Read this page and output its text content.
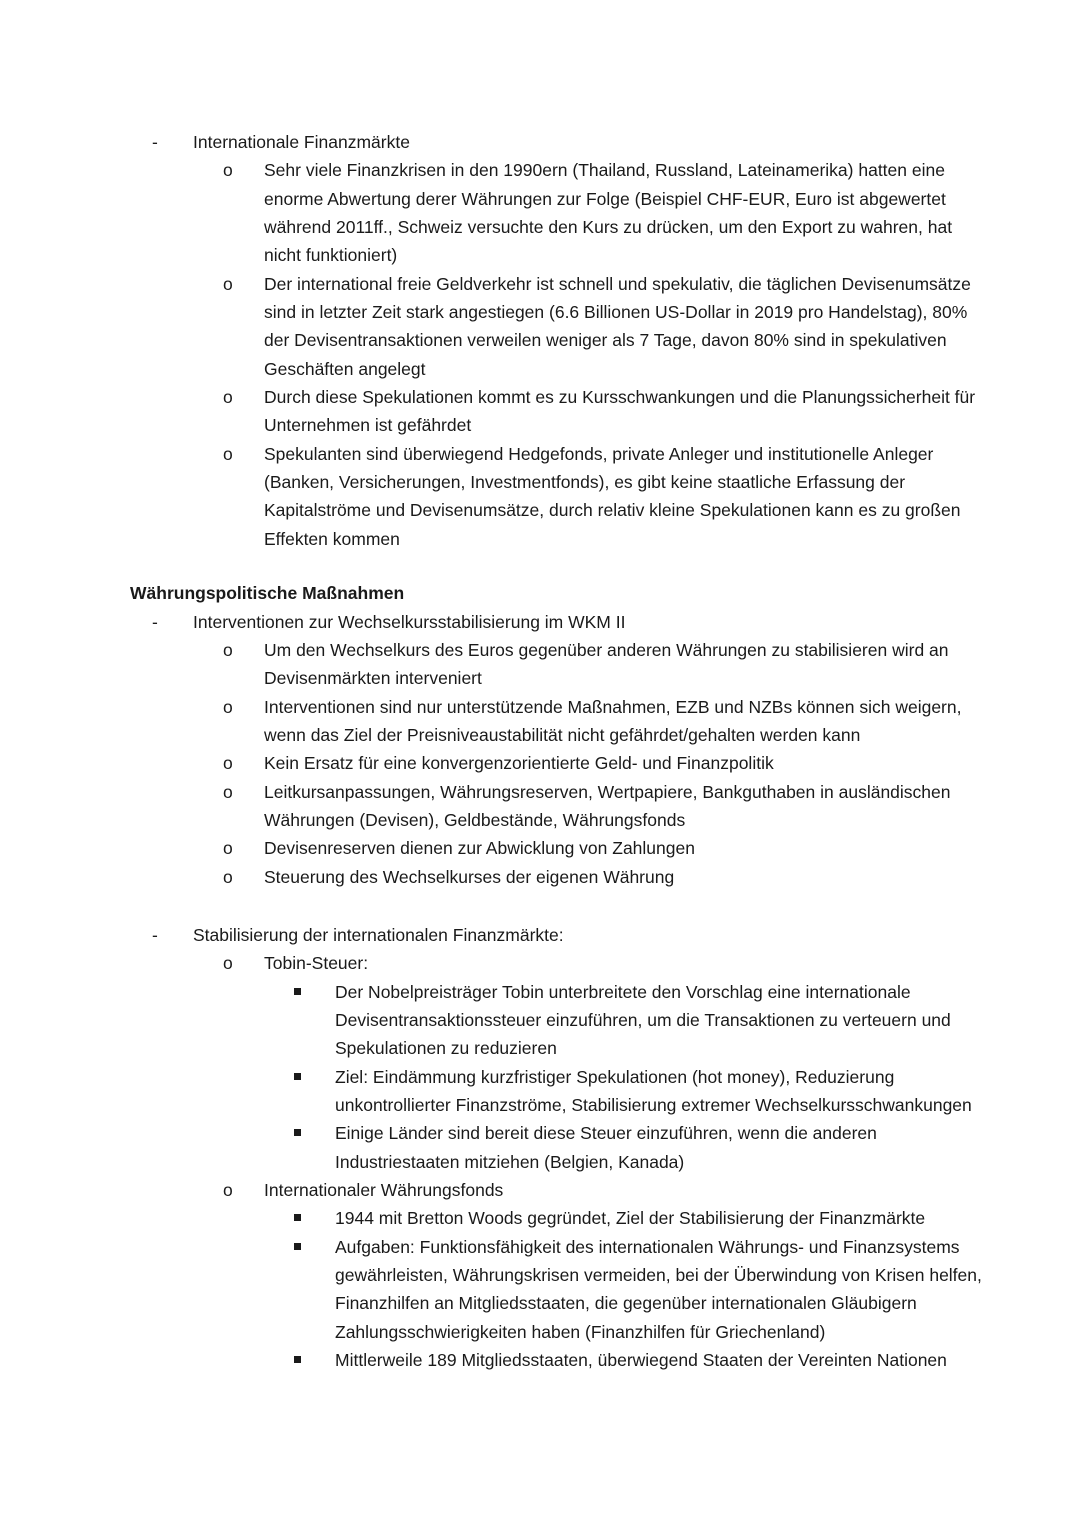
-	Internationale Finanzmärkte
o	Sehr viele Finanzkrisen in den 1990ern (Thailand, Russland, Lateinamerika) hatten eine enorme Abwertung derer Währungen zur Folge (Beispiel CHF-EUR, Euro ist abgewertet während 2011ff., Schweiz versuchte den Kurs zu drücken, um den Export zu wahren, hat nicht funktioniert)
o	Der international freie Geldverkehr ist schnell und spekulativ, die täglichen Devisenumsätze sind in letzter Zeit stark angestiegen (6.6 Billionen US-Dollar in 2019 pro Handelstag), 80% der Devisentransaktionen verweilen weniger als 7 Tage, davon 80% sind in spekulativen Geschäften angelegt
o	Durch diese Spekulationen kommt es zu Kursschwankungen und die Planungssicherheit für Unternehmen ist gefährdet
o	Spekulanten sind überwiegend Hedgefonds, private Anleger und institutionelle Anleger (Banken, Versicherungen, Investmentfonds), es gibt keine staatliche Erfassung der Kapitalströme und Devisenumsätze, durch relativ kleine Spekulationen kann es zu großen Effekten kommen
Währungspolitische Maßnahmen
-	Interventionen zur Wechselkursstabilisierung im WKM II
o	Um den Wechselkurs des Euros gegenüber anderen Währungen zu stabilisieren wird an Devisenmärkten interveniert
o	Interventionen sind nur unterstützende Maßnahmen, EZB und NZBs können sich weigern, wenn das Ziel der Preisniveaustabilität nicht gefährdet/gehalten werden kann
o	Kein Ersatz für eine konvergenzorientierte Geld- und Finanzpolitik
o	Leitkursanpassungen, Währungsreserven, Wertpapiere, Bankguthaben in ausländischen Währungen (Devisen), Geldbestände, Währungsfonds
o	Devisenreserven dienen zur Abwicklung von Zahlungen
o	Steuerung des Wechselkurses der eigenen Währung
-	Stabilisierung der internationalen Finanzmärkte:
o	Tobin-Steuer:
Der Nobelpreisträger Tobin unterbreitete den Vorschlag eine internationale Devisentransaktionssteuer einzuführen, um die Transaktionen zu verteuern und Spekulationen zu reduzieren
Ziel: Eindämmung kurzfristiger Spekulationen (hot money), Reduzierung unkontrollierter Finanzströme, Stabilisierung extremer Wechselkursschwankungen
Einige Länder sind bereit diese Steuer einzuführen, wenn die anderen Industriestaaten mitziehen (Belgien, Kanada)
o	Internationaler Währungsfonds
1944 mit Bretton Woods gegründet, Ziel der Stabilisierung der Finanzmärkte
Aufgaben: Funktionsfähigkeit des internationalen Währungs- und Finanzsystems gewährleisten, Währungskrisen vermeiden, bei der Überwindung von Krisen helfen, Finanzhilfen an Mitgliedsstaaten, die gegenüber internationalen Gläubigern Zahlungsschwierigkeiten haben (Finanzhilfen für Griechenland)
Mittlerweile 189 Mitgliedsstaaten, überwiegend Staaten der Vereinten Nationen
